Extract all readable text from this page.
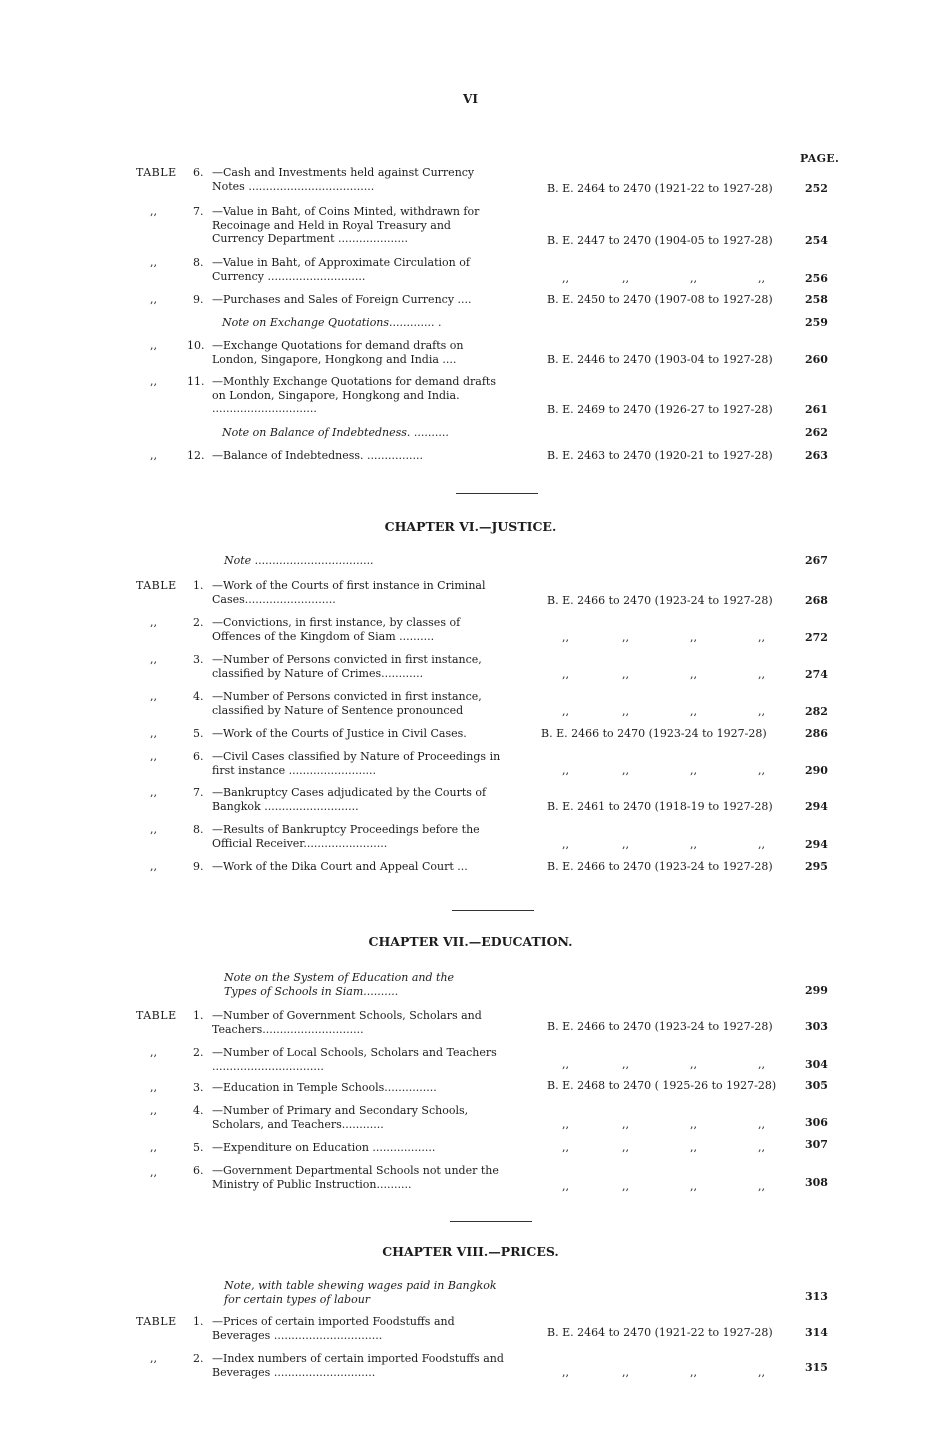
VI
PAGE.
TABLE 6. —Cash and Investments held against Currency Notes ....................................	B. E. 2464 to 2470 (1921-22 to 1927-28)	252
,,	7. —Value in Baht, of Coins Minted, withdrawn for Recoinage and Held in Royal Treasury and Currency Department ....................	B. E. 2447 to 2470 (1904-05 to 1927-28)	254
,,	8. —Value in Baht, of Approximate Circulation of Currency ............................	,,	,,	,,	,,	256
,,	9. —Purchases and Sales of Foreign Currency ....	B. E. 2450 to 2470 (1907-08 to 1927-28)	258
Note on Exchange Quotations............. .	259
,,	10. —Exchange Quotations for demand drafts on London, Singapore, Hongkong and India ....	B. E. 2446 to 2470 (1903-04 to 1927-28)	260
,,	11. —Monthly Exchange Quotations for demand drafts on London, Singapore, Hongkong and India. ..............................	B. E. 2469 to 2470 (1926-27 to 1927-28)	261
Note on Balance of Indebtedness. ..........	262
,,	12. —Balance of Indebtedness. ................	B. E. 2463 to 2470 (1920-21 to 1927-28)	263
CHAPTER VI.—JUSTICE.
Note ..................................	267
TABLE 1. —Work of the Courts of first instance in Criminal Cases..........................	B. E. 2466 to 2470 (1923-24 to 1927-28)	268
,,	2. —Convictions, in first instance, by classes of Offences of the Kingdom of Siam ..........	,,	,,	,,	,,	272
,,	3. —Number of Persons convicted in first instance, classified by Nature of Crimes............	,,	,,	,,	,,	274
,,	4. —Number of Persons convicted in first instance, classified by Nature of Sentence pronounced	,,	,,	,,	,,	282
,,	5. —Work of the Courts of Justice in Civil Cases.	B. E. 2466 to 2470 (1923-24 to 1927-28)	286
,,	6. —Civil Cases classified by Nature of Proceedings in first instance .........................	,,	,,	,,	,,	290
,,	7. —Bankruptcy Cases adjudicated by the Courts of Bangkok ...........................	B. E. 2461 to 2470 (1918-19 to 1927-28)	294
,,	8. —Results of Bankruptcy Proceedings before the Official Receiver........................	,,	,,	,,	,,	294
,,	9. —Work of the Dika Court and Appeal Court ...	B. E. 2466 to 2470 (1923-24 to 1927-28)	295
CHAPTER VII.—EDUCATION.
Note on the System of Education and the Types of Schools in Siam..........	299
TABLE 1. —Number of Government Schools, Scholars and Teachers.............................	B. E. 2466 to 2470 (1923-24 to 1927-28)	303
,,	2. —Number of Local Schools, Scholars and Teachers ................................	,,	,,	,,	,,	304
,,	3. —Education in Temple Schools...............	B. E. 2468 to 2470 ( 1925-26 to 1927-28)	305
,,	4. —Number of Primary and Secondary Schools, Scholars, and Teachers............	,,	,,	,,	,,	306
,,	5. —Expenditure on Education ..................	,,	,,	,,	,,	307
,,	6. —Government Departmental Schools not under the Ministry of Public Instruction..........	,,	,,	,,	,,	308
CHAPTER VIII.—PRICES.
Note, with table shewing wages paid in Bangkok for certain types of labour	313
TABLE 1. —Prices of certain imported Foodstuffs and Beverages ...............................	B. E. 2464 to 2470 (1921-22 to 1927-28)	314
,,	2. —Index numbers of certain imported Foodstuffs and Beverages .............................	,,	,,	,,	,,	315
